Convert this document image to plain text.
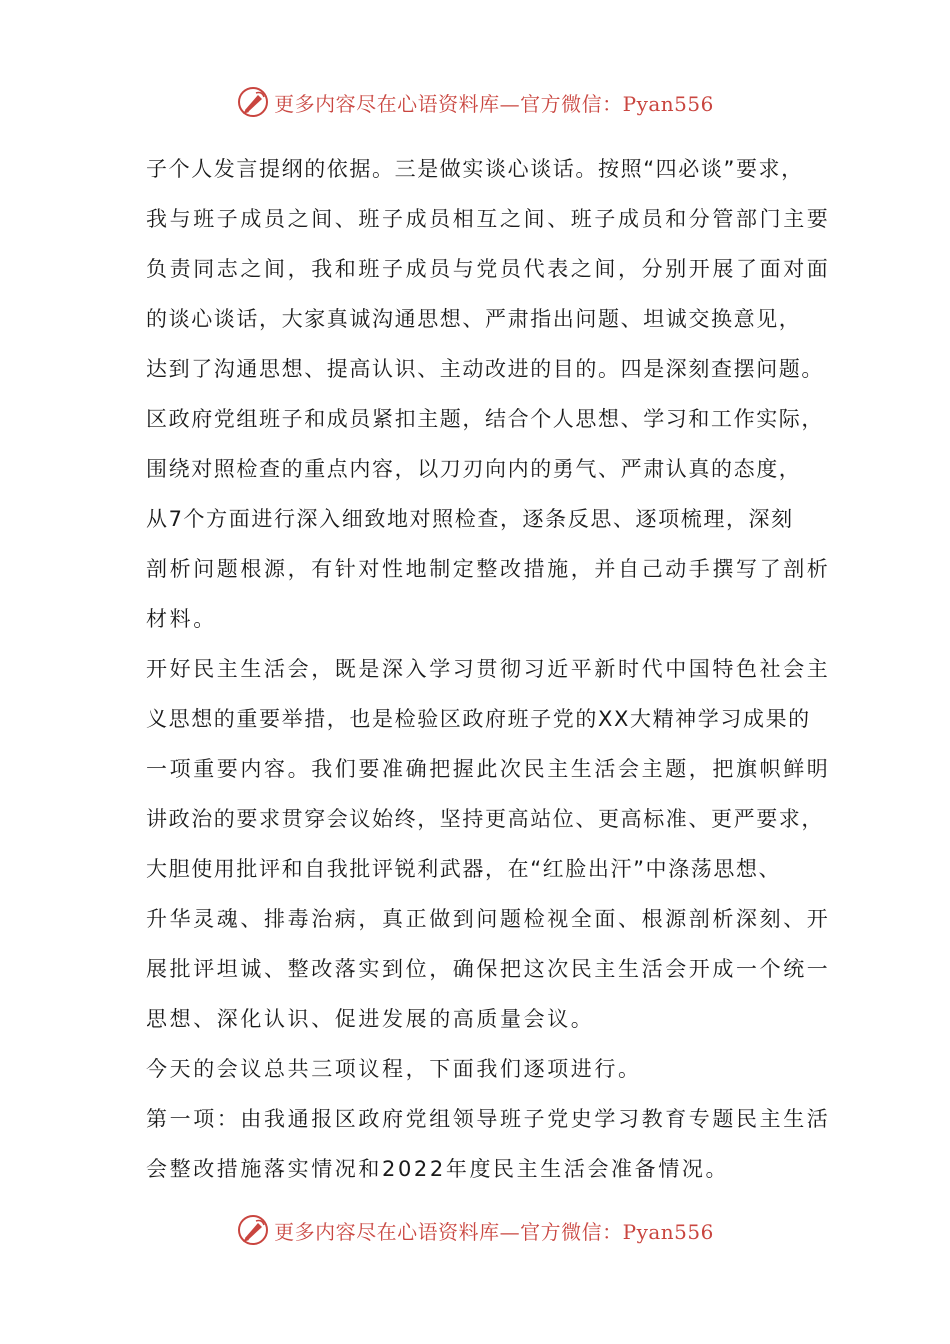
更多内容尽在心语资料库—官方微信：Pyan556

子个人发言提纲的依据。三是做实谈心谈话。按照“四必谈”要求，
我与班子成员之间、班子成员相互之间、班子成员和分管部门主要
负责同志之间，我和班子成员与党员代表之间，分别开展了面对面
的谈心谈话，大家真诚沟通思想、严肃指出问题、坦诚交换意见，
达到了沟通思想、提高认识、主动改进的目的。四是深刻查摆问题。
区政府党组班子和成员紧扣主题，结合个人思想、学习和工作实际，
围绕对照检查的重点内容，以刀刃向内的勇气、严肃认真的态度，
从7个方面进行深入细致地对照检查，逐条反思、逐项梳理，深刻
剖析问题根源，有针对性地制定整改措施，并自己动手撰写了剖析
材料。

开好民主生活会，既是深入学习贯彻习近平新时代中国特色社会主
义思想的重要举措，也是检验区政府班子党的XX大精神学习成果的
一项重要内容。我们要准确把握此次民主生活会主题，把旗帜鲜明
讲政治的要求贯穿会议始终，坚持更高站位、更高标准、更严要求，
大胆使用批评和自我批评锐利武器，在“红脸出汗”中涤荡思想、
升华灵魂、排毒治病，真正做到问题检视全面、根源剖析深刻、开
展批评坦诚、整改落实到位，确保把这次民主生活会开成一个统一
思想、深化认识、促进发展的高质量会议。

今天的会议总共三项议程，下面我们逐项进行。

第一项：由我通报区政府党组领导班子党史学习教育专题民主生活
会整改措施落实情况和2022年度民主生活会准备情况。

更多内容尽在心语资料库—官方微信：Pyan556
